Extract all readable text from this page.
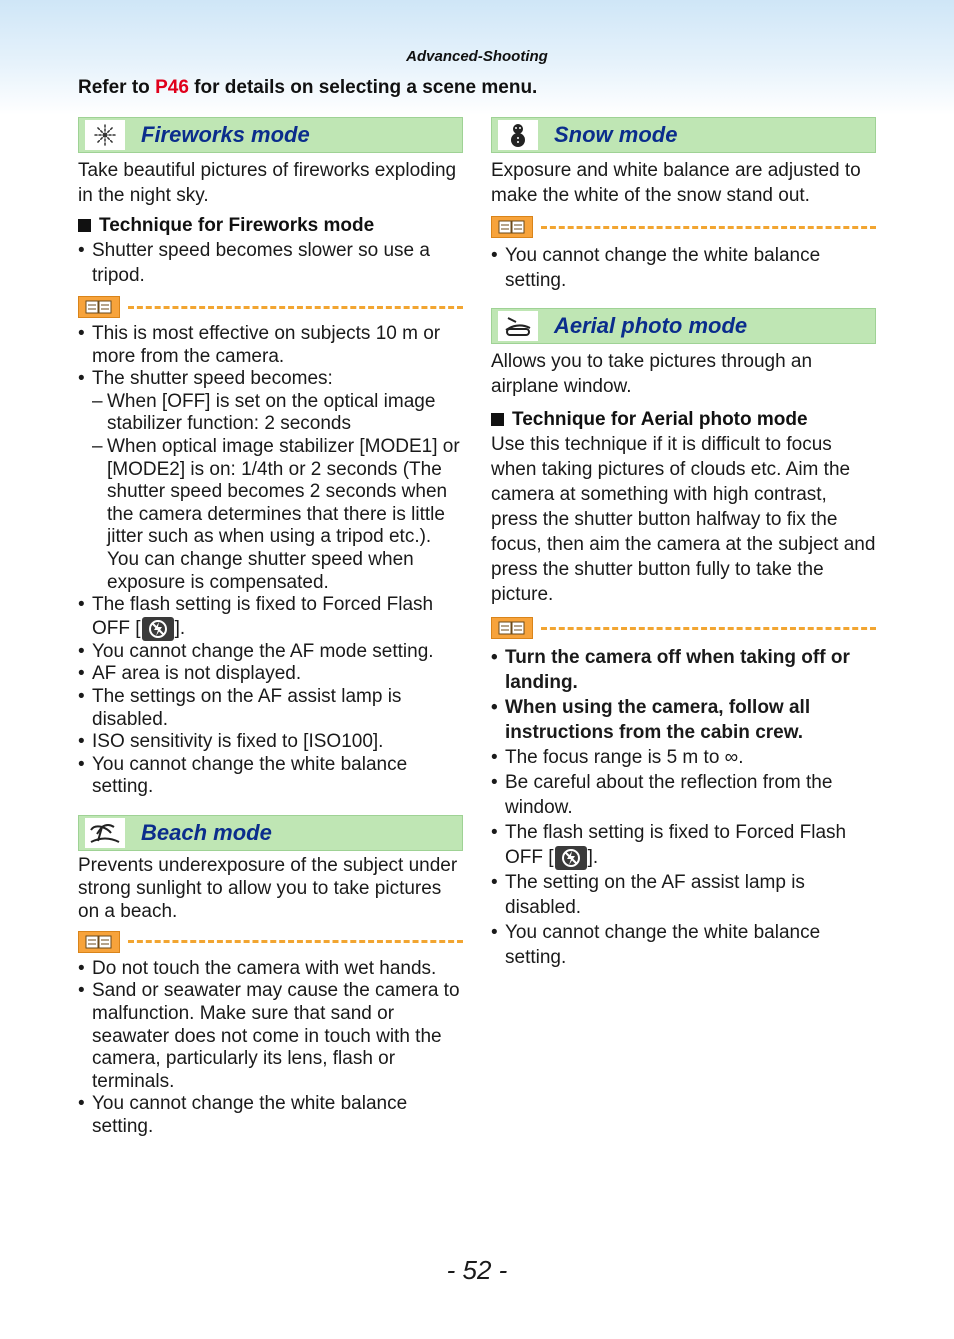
Advanced-Shooting
Refer to P46 for details on selecting a scene menu.
Fireworks mode

Take beautiful pictures of fireworks exploding in the night sky.

Technique for Fireworks mode
• Shutter speed becomes slower so use a tripod.
• This is most effective on subjects 10 m or more from the camera.
• The shutter speed becomes:
– When [OFF] is set on the optical image stabilizer function: 2 seconds
– When optical image stabilizer [MODE1] or [MODE2] is on: 1/4th or 2 seconds (The shutter speed becomes 2 seconds when the camera determines that there is little jitter such as when using a tripod etc.).
You can change shutter speed when exposure is compensated.
• The flash setting is fixed to Forced Flash OFF [ ].
• You cannot change the AF mode setting.
• AF area is not displayed.
• The settings on the AF assist lamp is disabled.
• ISO sensitivity is fixed to [ISO100].
• You cannot change the white balance setting.
Beach mode

Prevents underexposure of the subject under strong sunlight to allow you to take pictures on a beach.

• Do not touch the camera with wet hands.
• Sand or seawater may cause the camera to malfunction. Make sure that sand or seawater does not come in touch with the camera, particularly its lens, flash or terminals.
• You cannot change the white balance setting.
Snow mode

Exposure and white balance are adjusted to make the white of the snow stand out.

• You cannot change the white balance setting.
Aerial photo mode

Allows you to take pictures through an airplane window.

Technique for Aerial photo mode

Use this technique if it is difficult to focus when taking pictures of clouds etc. Aim the camera at something with high contrast, press the shutter button halfway to fix the focus, then aim the camera at the subject and press the shutter button fully to take the picture.

• Turn the camera off when taking off or landing.
• When using the camera, follow all instructions from the cabin crew.
• The focus range is 5 m to ∞.
• Be careful about the reflection from the window.
• The flash setting is fixed to Forced Flash OFF [ ].
• The setting on the AF assist lamp is disabled.
• You cannot change the white balance setting.
- 52 -
